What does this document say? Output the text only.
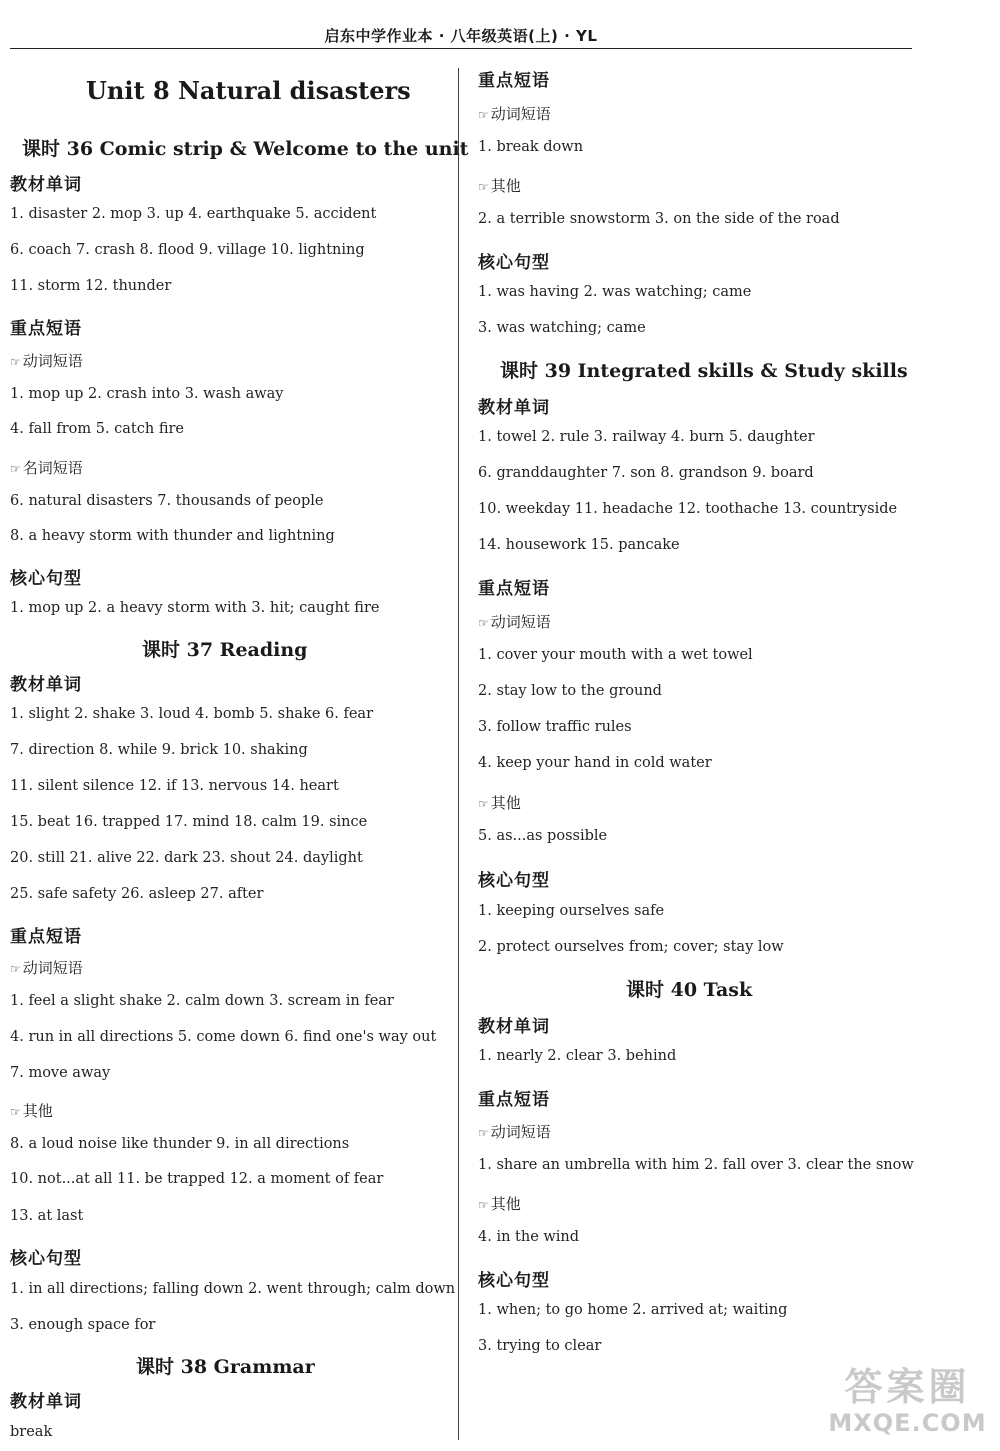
启东中学作业本 · 八年级英语(上) · YL
Unit 8 Natural disasters
课时 36 Comic strip & Welcome to the unit
教材单词
1. disaster 2. mop 3. up 4. earthquake 5. accident
6. coach 7. crash 8. flood 9. village 10. lightning
11. storm 12. thunder
重点短语
☞ 动词短语
1. mop up 2. crash into 3. wash away
4. fall from 5. catch fire
☞ 名词短语
6. natural disasters 7. thousands of people
8. a heavy storm with thunder and lightning
核心句型
1. mop up 2. a heavy storm with 3. hit; caught fire
课时 37 Reading
教材单词
1. slight 2. shake 3. loud 4. bomb 5. shake 6. fear
7. direction 8. while 9. brick 10. shaking
11. silent silence 12. if 13. nervous 14. heart
15. beat 16. trapped 17. mind 18. calm 19. since
20. still 21. alive 22. dark 23. shout 24. daylight
25. safe safety 26. asleep 27. after
重点短语
☞ 动词短语
1. feel a slight shake 2. calm down 3. scream in fear
4. run in all directions 5. come down 6. find one's way out
7. move away
☞ 其他
8. a loud noise like thunder 9. in all directions
10. not...at all 11. be trapped 12. a moment of fear
13. at last
核心句型
1. in all directions; falling down 2. went through; calm down
3. enough space for
课时 38 Grammar
教材单词
break
重点短语
☞ 动词短语
1. break down
☞ 其他
2. a terrible snowstorm 3. on the side of the road
核心句型
1. was having 2. was watching; came
3. was watching; came
课时 39 Integrated skills & Study skills
教材单词
1. towel 2. rule 3. railway 4. burn 5. daughter
6. granddaughter 7. son 8. grandson 9. board
10. weekday 11. headache 12. toothache 13. countryside
14. housework 15. pancake
重点短语
☞ 动词短语
1. cover your mouth with a wet towel
2. stay low to the ground
3. follow traffic rules
4. keep your hand in cold water
☞ 其他
5. as...as possible
核心句型
1. keeping ourselves safe
2. protect ourselves from; cover; stay low
课时 40 Task
教材单词
1. nearly 2. clear 3. behind
重点短语
☞ 动词短语
1. share an umbrella with him 2. fall over 3. clear the snow
☞ 其他
4. in the wind
核心句型
1. when; to go home 2. arrived at; waiting
3. trying to clear
答案圈
MXQE.COM
